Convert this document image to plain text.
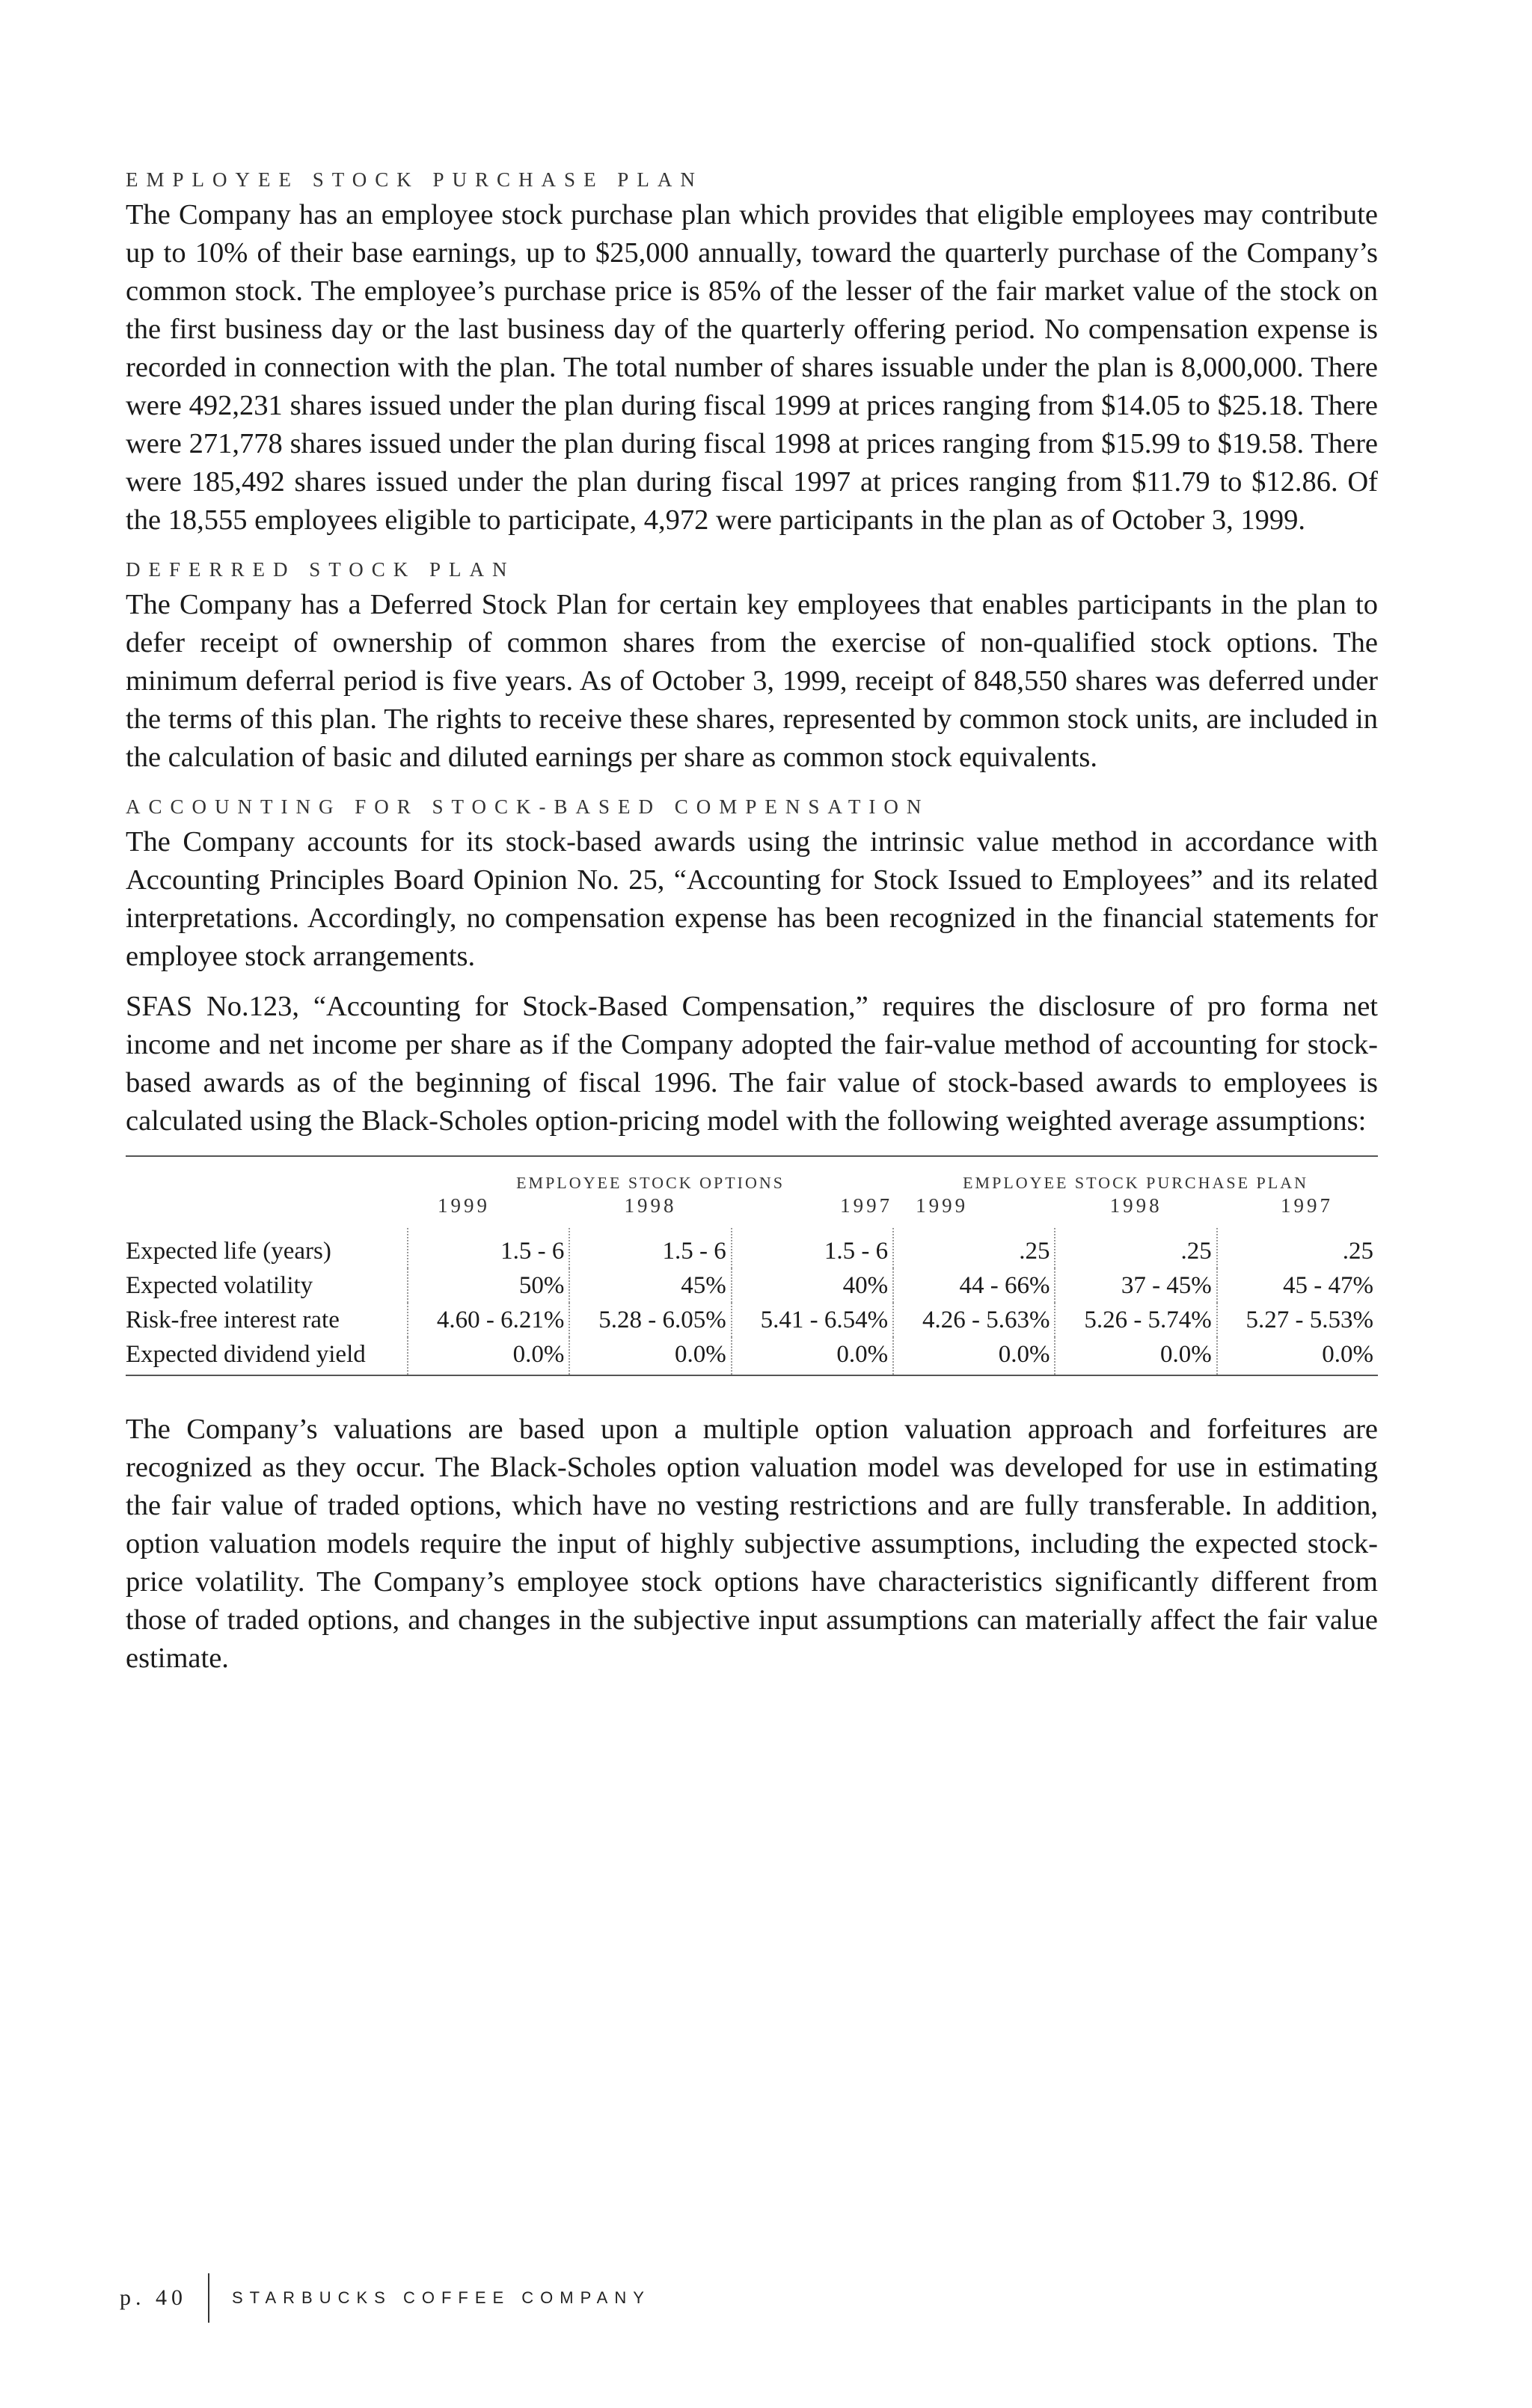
EMPLOYEE STOCK PURCHASE PLAN

The Company has an employee stock purchase plan which provides that eligible employees may contribute up to 10% of their base earnings, up to $25,000 annually, toward the quarterly purchase of the Company’s common stock. The employee’s purchase price is 85% of the lesser of the fair market value of the stock on the first business day or the last business day of the quarterly offering period. No compensation expense is recorded in connection with the plan. The total number of shares issuable under the plan is 8,000,000. There were 492,231 shares issued under the plan during fiscal 1999 at prices ranging from $14.05 to $25.18. There were 271,778 shares issued under the plan during fiscal 1998 at prices ranging from $15.99 to $19.58. There were 185,492 shares issued under the plan during fiscal 1997 at prices ranging from $11.79 to $12.86. Of the 18,555 employees eligible to participate, 4,972 were participants in the plan as of October 3, 1999.

DEFERRED STOCK PLAN

The Company has a Deferred Stock Plan for certain key employees that enables participants in the plan to defer receipt of ownership of common shares from the exercise of non-qualified stock options. The minimum deferral period is five years. As of October 3, 1999, receipt of 848,550 shares was deferred under the terms of this plan. The rights to receive these shares, represented by common stock units, are included in the calculation of basic and diluted earnings per share as common stock equivalents.

ACCOUNTING FOR STOCK-BASED COMPENSATION

The Company accounts for its stock-based awards using the intrinsic value method in accordance with Accounting Principles Board Opinion No. 25, “Accounting for Stock Issued to Employees” and its related interpretations. Accordingly, no compensation expense has been recognized in the financial statements for employee stock arrangements.

SFAS No.123, “Accounting for Stock-Based Compensation,” requires the disclosure of pro forma net income and net income per share as if the Company adopted the fair-value method of accounting for stock-based awards as of the beginning of fiscal 1996. The fair value of stock-based awards to employees is calculated using the Black-Scholes option-pricing model with the following weighted average assumptions:

	EMPLOYEE STOCK OPTIONS			EMPLOYEE STOCK PURCHASE PLAN		
	1999	1998	1997	1999	1998	1997
Expected life (years)	1.5 - 6	1.5 - 6	1.5 - 6	.25	.25	.25
Expected volatility	50%	45%	40%	44 - 66%	37 - 45%	45 - 47%
Risk-free interest rate	4.60 - 6.21%	5.28 - 6.05%	5.41 - 6.54%	4.26 - 5.63%	5.26 - 5.74%	5.27 - 5.53%
Expected dividend yield	0.0%	0.0%	0.0%	0.0%	0.0%	0.0%

The Company’s valuations are based upon a multiple option valuation approach and forfeitures are recognized as they occur. The Black-Scholes option valuation model was developed for use in estimating the fair value of traded options, which have no vesting restrictions and are fully transferable. In addition, option valuation models require the input of highly subjective assumptions, including the expected stock-price volatility. The Company’s employee stock options have characteristics significantly different from those of traded options, and changes in the subjective input assumptions can materially affect the fair value estimate.

p. 40	STARBUCKS COFFEE COMPANY
